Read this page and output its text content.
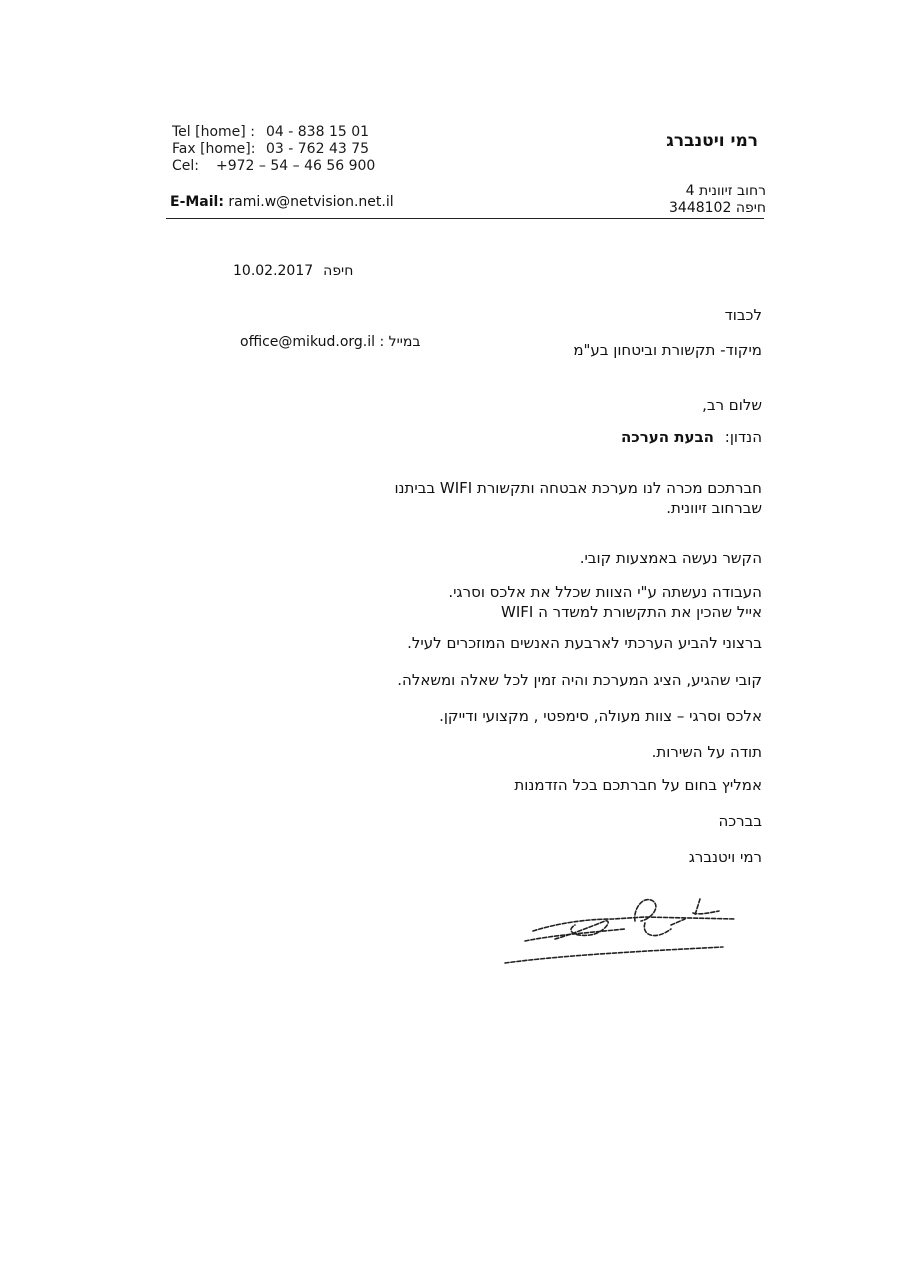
Tel [home] : 04 - 838 15 01
Fax [home]: 03 - 762 43 75
Cel: +972 – 54 – 46 56 900
E-Mail: rami.w@netvision.net.il
רמי ויטנברג
רחוב זיוונית 4
חיפה 3448102
10.02.2017 חיפה
לכבוד
מיקוד- תקשורת וביטחון בע"מ
במייל : office@mikud.org.il
שלום רב,
הנדון: הבעת הערכה
חברתכם מכרה לנו מערכת אבטחה ותקשורת WIFI בביתנו
שברחוב זיוונית.
הקשר נעשה באמצעות קובי.
העבודה נעשתה ע"י הצוות שכלל את אלכס וסרגי.
אייל שהכין את התקשורת למשדר ה WIFI
ברצוני להביע הערכתי לארבעת האנשים המוזכרים לעיל.
קובי שהגיע, הציג המערכת והיה זמין לכל שאלה ומשאלה.
אלכס וסרגי – צוות מעולה, סימפטי , מקצועי ודייקן.
תודה על השירות.
אמליץ בחום על חברתכם בכל הזדמנות
בברכה
רמי ויטנברג
